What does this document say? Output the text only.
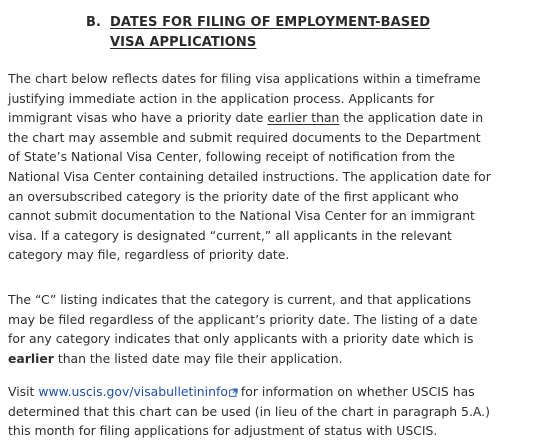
B. DATES FOR FILING OF EMPLOYMENT-BASED
VISA APPLICATIONS

The chart below reflects dates for filing visa applications within a timeframe
justifying immediate action in the application process. Applicants for
immigrant visas who have a priority date earlier than the application date in
the chart may assemble and submit required documents to the Department
of State’s National Visa Center, following receipt of notification from the
National Visa Center containing detailed instructions. The application date for
an oversubscribed category is the priority date of the first applicant who
cannot submit documentation to the National Visa Center for an immigrant
visa. If a category is designated “current,” all applicants in the relevant
category may file, regardless of priority date.

The “C” listing indicates that the category is current, and that applications
may be filed regardless of the applicant’s priority date. The listing of a date
for any category indicates that only applicants with a priority date which is
earlier than the listed date may file their application.

Visit www.uscis.gov/visabulletininfo for information on whether USCIS has
determined that this chart can be used (in lieu of the chart in paragraph 5.A.)
this month for filing applications for adjustment of status with USCIS.
